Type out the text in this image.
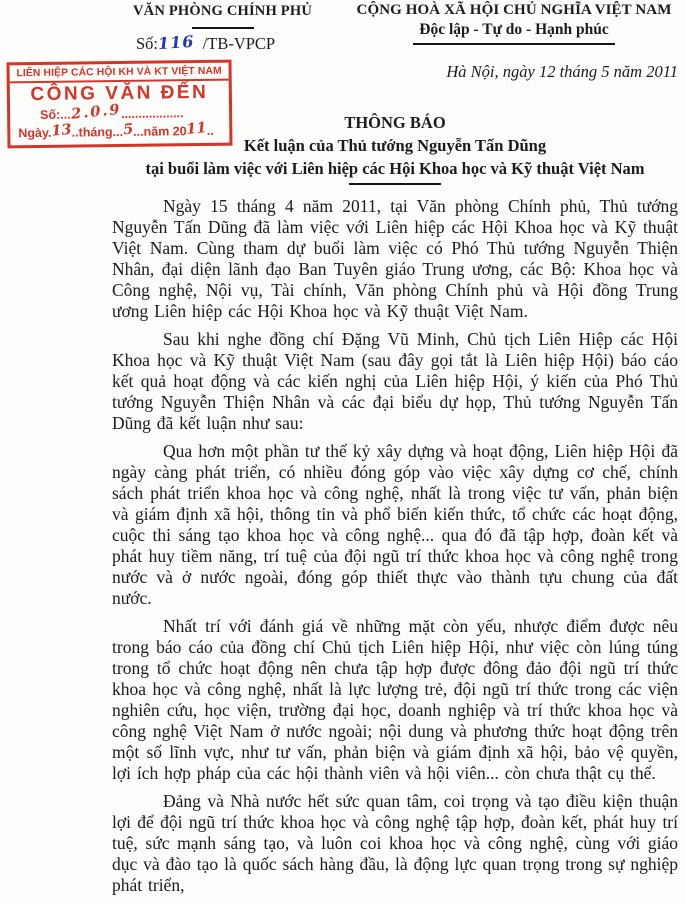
VĂN PHÒNG CHÍNH PHỦ
Số:116 /TB-VPCP
CỘNG HOÀ XÃ HỘI CHỦ NGHĨA VIỆT NAM
Độc lập - Tự do - Hạnh phúc
Hà Nội, ngày 12 tháng 5 năm 2011
LIÊN HIỆP CÁC HỘI KH VÀ KT VIỆT NAM
CÔNG VĂN ĐẾN
Số:...2.0.9..................
Ngày.13..tháng...5...năm 2011..	THÔNG BÁO
Kết luận của Thủ tướng Nguyễn Tấn Dũng
tại buổi làm việc với Liên hiệp các Hội Khoa học và Kỹ thuật Việt Nam

Ngày 15 tháng 4 năm 2011, tại Văn phòng Chính phủ, Thủ tướng Nguyễn Tấn Dũng đã làm việc với Liên hiệp các Hội Khoa học và Kỹ thuật Việt Nam. Cùng tham dự buổi làm việc có Phó Thủ tướng Nguyễn Thiện Nhân, đại diện lãnh đạo Ban Tuyên giáo Trung ương, các Bộ: Khoa học và Công nghệ, Nội vụ, Tài chính, Văn phòng Chính phủ và Hội đồng Trung ương Liên hiệp các Hội Khoa học và Kỹ thuật Việt Nam.

Sau khi nghe đồng chí Đặng Vũ Minh, Chủ tịch Liên Hiệp các Hội Khoa học và Kỹ thuật Việt Nam (sau đây gọi tắt là Liên hiệp Hội) báo cáo kết quả hoạt động và các kiến nghị của Liên hiệp Hội, ý kiến của Phó Thủ tướng Nguyễn Thiện Nhân và các đại biểu dự họp, Thủ tướng Nguyễn Tấn Dũng đã kết luận như sau:

Qua hơn một phần tư thế kỷ xây dựng và hoạt động, Liên hiệp Hội đã ngày càng phát triển, có nhiều đóng góp vào việc xây dựng cơ chế, chính sách phát triển khoa học và công nghệ, nhất là trong việc tư vấn, phản biện và giám định xã hội, thông tin và phổ biến kiến thức, tổ chức các hoạt động, cuộc thi sáng tạo khoa học và công nghệ... qua đó đã tập hợp, đoàn kết và phát huy tiềm năng, trí tuệ của đội ngũ trí thức khoa học và công nghệ trong nước và ở nước ngoài, đóng góp thiết thực vào thành tựu chung của đất nước.

Nhất trí với đánh giá về những mặt còn yếu, nhược điểm được nêu trong báo cáo của đồng chí Chủ tịch Liên hiệp Hội, như việc còn lúng túng trong tổ chức hoạt động nên chưa tập hợp được đông đảo đội ngũ trí thức khoa học và công nghệ, nhất là lực lượng trẻ, đội ngũ trí thức trong các viện nghiên cứu, học viện, trường đại học, doanh nghiệp và trí thức khoa học và công nghệ Việt Nam ở nước ngoài; nội dung và phương thức hoạt động trên một số lĩnh vực, như tư vấn, phản biện và giám định xã hội, bảo vệ quyền, lợi ích hợp pháp của các hội thành viên và hội viên... còn chưa thật cụ thể.

Đảng và Nhà nước hết sức quan tâm, coi trọng và tạo điều kiện thuận lợi để đội ngũ trí thức khoa học và công nghệ tập hợp, đoàn kết, phát huy trí tuệ, sức mạnh sáng tạo, và luôn coi khoa học và công nghệ, cùng với giáo dục và đào tạo là quốc sách hàng đầu, là động lực quan trọng trong sự nghiệp phát triển,
